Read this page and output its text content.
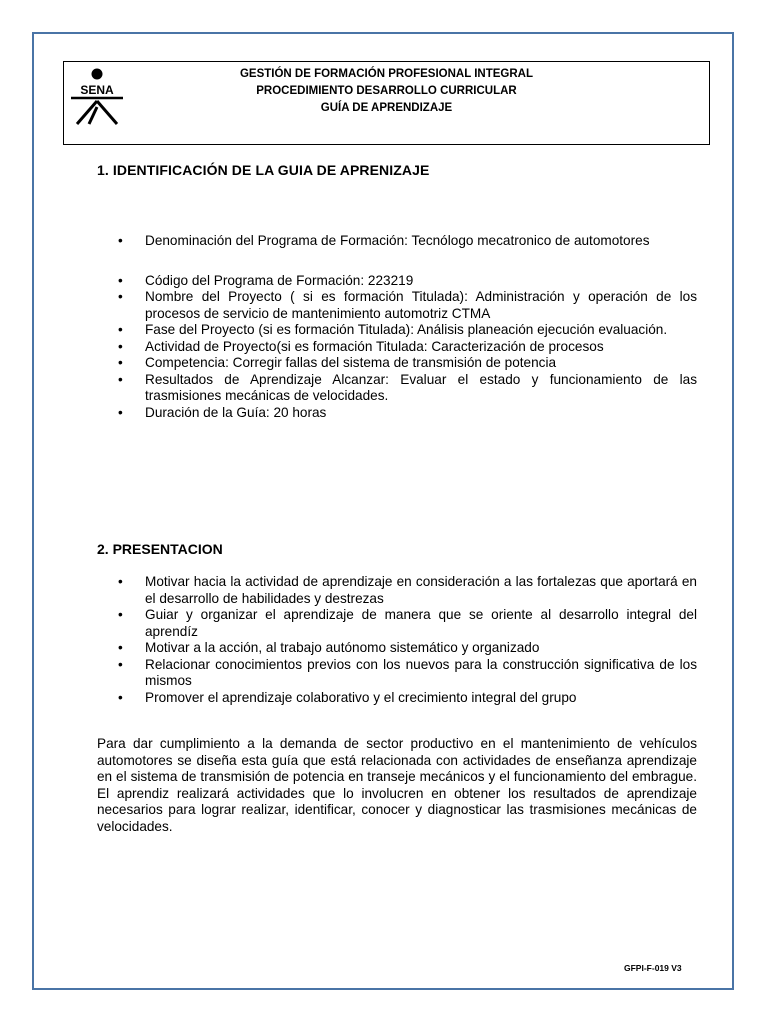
SENA
GESTIÓN DE FORMACIÓN PROFESIONAL INTEGRAL
PROCEDIMIENTO DESARROLLO CURRICULAR
GUÍA DE APRENDIZAJE
1. IDENTIFICACIÓN DE LA GUIA DE APRENIZAJE
• Denominación del Programa de Formación: Tecnólogo mecatronico de automotores
• Código del Programa de Formación: 223219
• Nombre del Proyecto ( si es formación Titulada): Administración y operación de los procesos de servicio de mantenimiento automotriz CTMA
• Fase del Proyecto (si es formación Titulada): Análisis planeación ejecución evaluación.
• Actividad de Proyecto(si es formación Titulada: Caracterización de procesos
• Competencia: Corregir fallas del sistema de transmisión de potencia
• Resultados de Aprendizaje Alcanzar: Evaluar el estado y funcionamiento de las trasmisiones mecánicas de velocidades.
• Duración de la Guía: 20 horas
2. PRESENTACION
• Motivar hacia la actividad de aprendizaje en consideración a las fortalezas que aportará en el desarrollo de habilidades y destrezas
• Guiar y organizar el aprendizaje de manera que se oriente al desarrollo integral del aprendíz
• Motivar a la acción, al trabajo autónomo sistemático y organizado
• Relacionar conocimientos previos con los nuevos para la construcción significativa de los mismos
• Promover el aprendizaje colaborativo y el crecimiento integral del grupo
Para dar cumplimiento a la demanda de sector productivo en el mantenimiento de vehículos automotores se diseña esta guía que está relacionada con actividades de enseñanza aprendizaje en el sistema de transmisión de potencia en transeje mecánicos y el funcionamiento del embrague. El aprendiz realizará actividades que lo involucren en obtener los resultados de aprendizaje necesarios para lograr realizar, identificar, conocer y diagnosticar las trasmisiones mecánicas de velocidades.
GFPI-F-019 V3
